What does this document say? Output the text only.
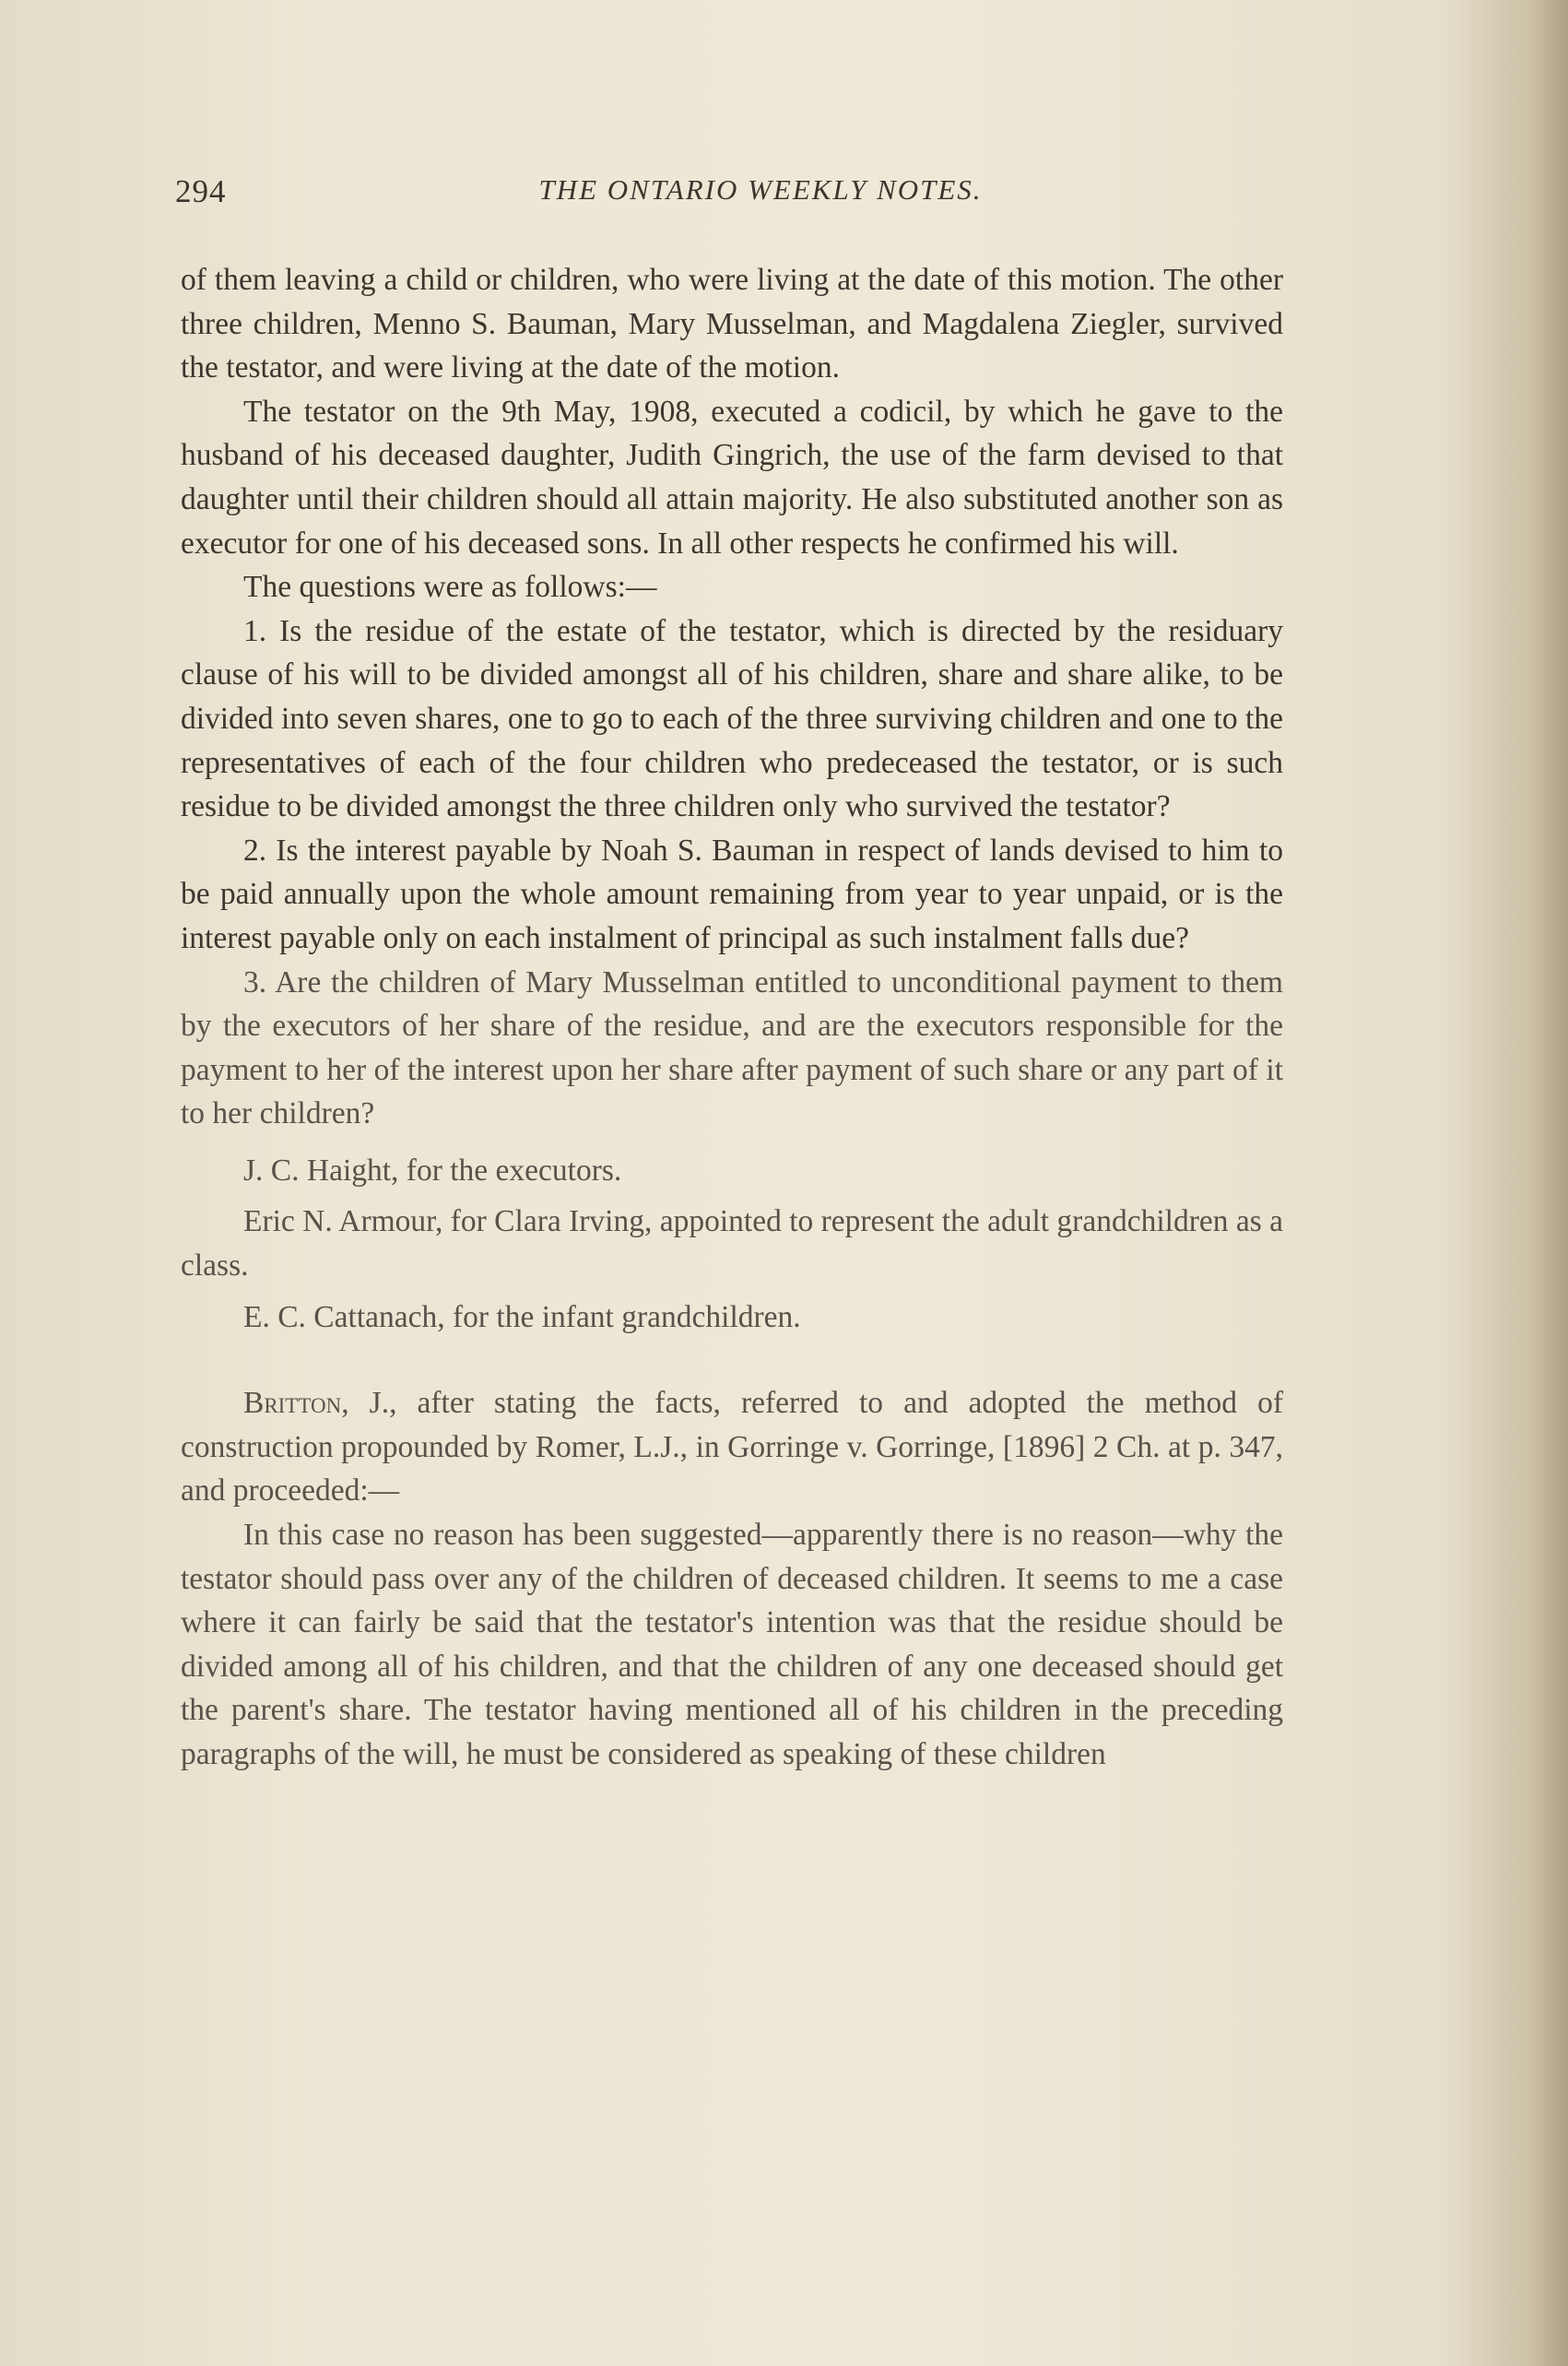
294	THE ONTARIO WEEKLY NOTES.

of them leaving a child or children, who were living at the date of this motion. The other three children, Menno S. Bauman, Mary Musselman, and Magdalena Ziegler, survived the testator, and were living at the date of the motion.

The testator on the 9th May, 1908, executed a codicil, by which he gave to the husband of his deceased daughter, Judith Gingrich, the use of the farm devised to that daughter until their children should all attain majority. He also substituted another son as executor for one of his deceased sons. In all other respects he confirmed his will.

The questions were as follows:—

1. Is the residue of the estate of the testator, which is directed by the residuary clause of his will to be divided amongst all of his children, share and share alike, to be divided into seven shares, one to go to each of the three surviving children and one to the representatives of each of the four children who predeceased the testator, or is such residue to be divided amongst the three children only who survived the testator?

2. Is the interest payable by Noah S. Bauman in respect of lands devised to him to be paid annually upon the whole amount remaining from year to year unpaid, or is the interest payable only on each instalment of principal as such instalment falls due?

3. Are the children of Mary Musselman entitled to unconditional payment to them by the executors of her share of the residue, and are the executors responsible for the payment to her of the interest upon her share after payment of such share or any part of it to her children?

J. C. Haight, for the executors.

Eric N. Armour, for Clara Irving, appointed to represent the adult grandchildren as a class.

E. C. Cattanach, for the infant grandchildren.

Britton, J., after stating the facts, referred to and adopted the method of construction propounded by Romer, L.J., in Gorringe v. Gorringe, [1896] 2 Ch. at p. 347, and proceeded:—

In this case no reason has been suggested—apparently there is no reason—why the testator should pass over any of the children of deceased children. It seems to me a case where it can fairly be said that the testator's intention was that the residue should be divided among all of his children, and that the children of any one deceased should get the parent's share. The testator having mentioned all of his children in the preceding paragraphs of the will, he must be considered as speaking of these children
